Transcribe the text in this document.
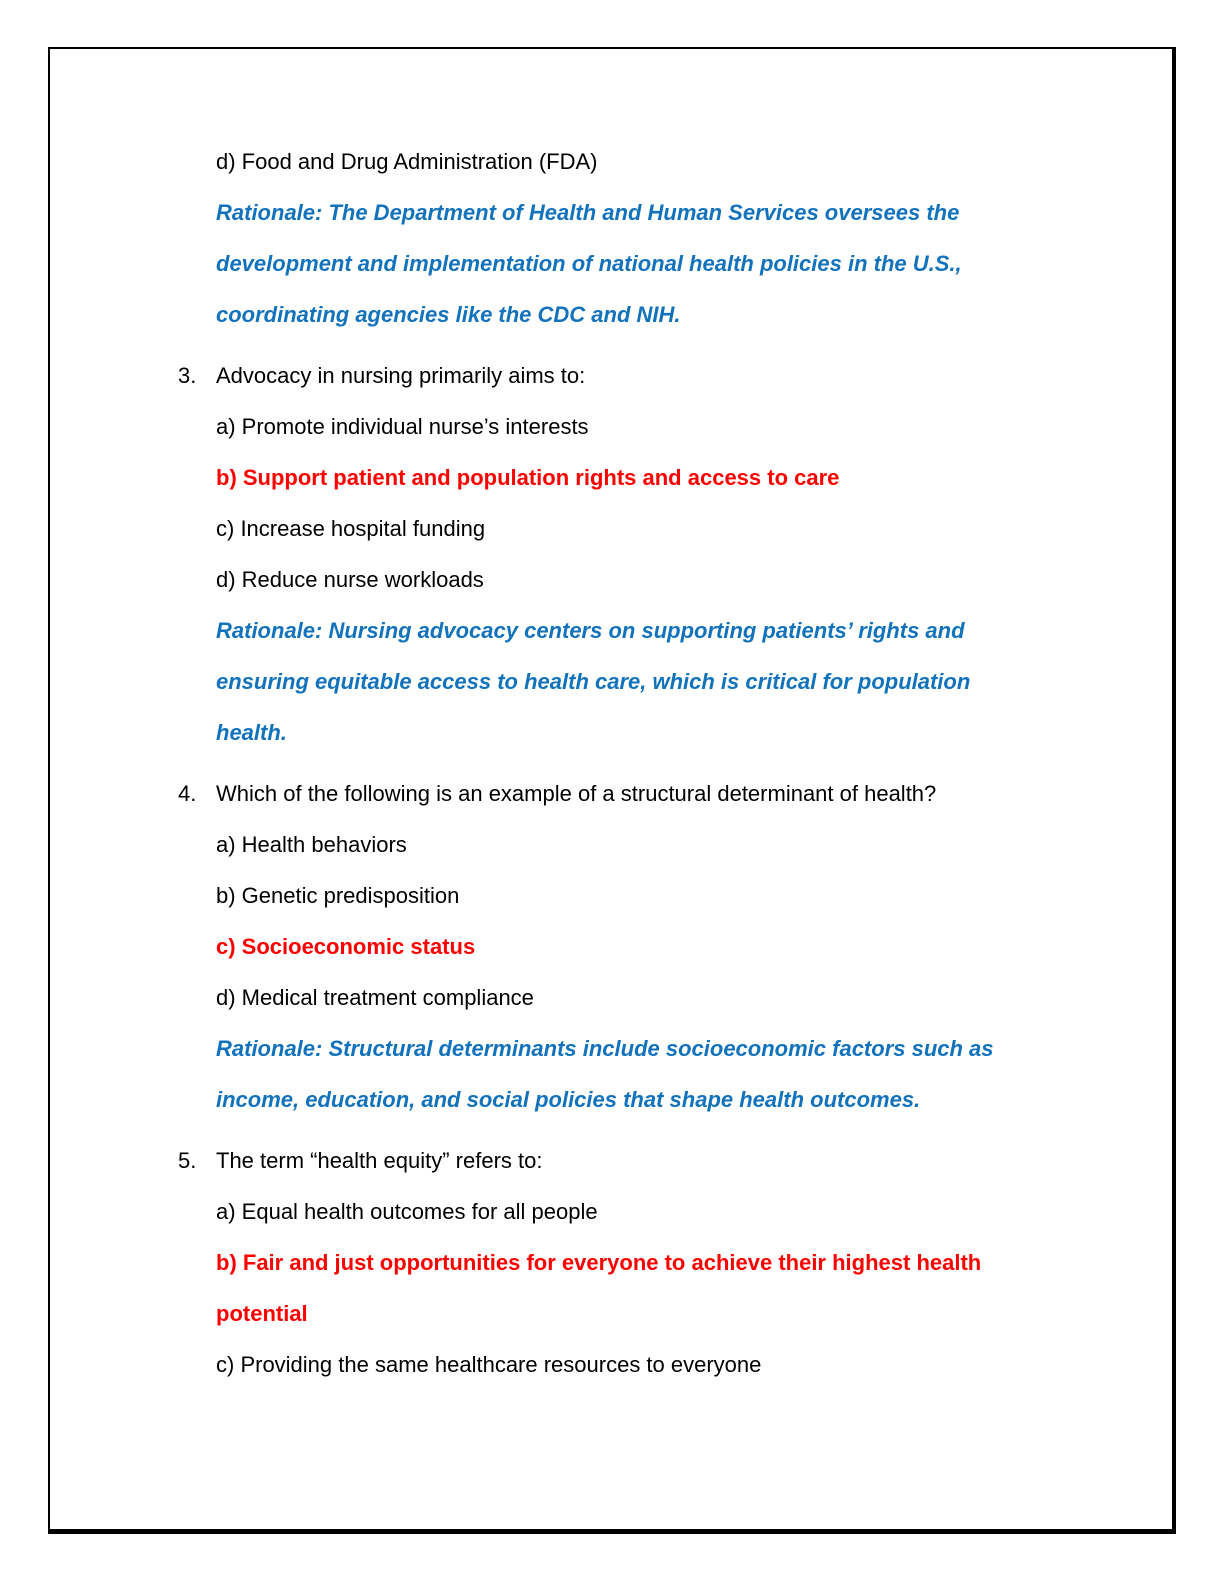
d) Food and Drug Administration (FDA)
Rationale: The Department of Health and Human Services oversees the
development and implementation of national health policies in the U.S.,
coordinating agencies like the CDC and NIH.
3. Advocacy in nursing primarily aims to:
a) Promote individual nurse’s interests
b) Support patient and population rights and access to care
c) Increase hospital funding
d) Reduce nurse workloads
Rationale: Nursing advocacy centers on supporting patients’ rights and
ensuring equitable access to health care, which is critical for population
health.
4. Which of the following is an example of a structural determinant of health?
a) Health behaviors
b) Genetic predisposition
c) Socioeconomic status
d) Medical treatment compliance
Rationale: Structural determinants include socioeconomic factors such as
income, education, and social policies that shape health outcomes.
5. The term “health equity” refers to:
a) Equal health outcomes for all people
b) Fair and just opportunities for everyone to achieve their highest health
potential
c) Providing the same healthcare resources to everyone
